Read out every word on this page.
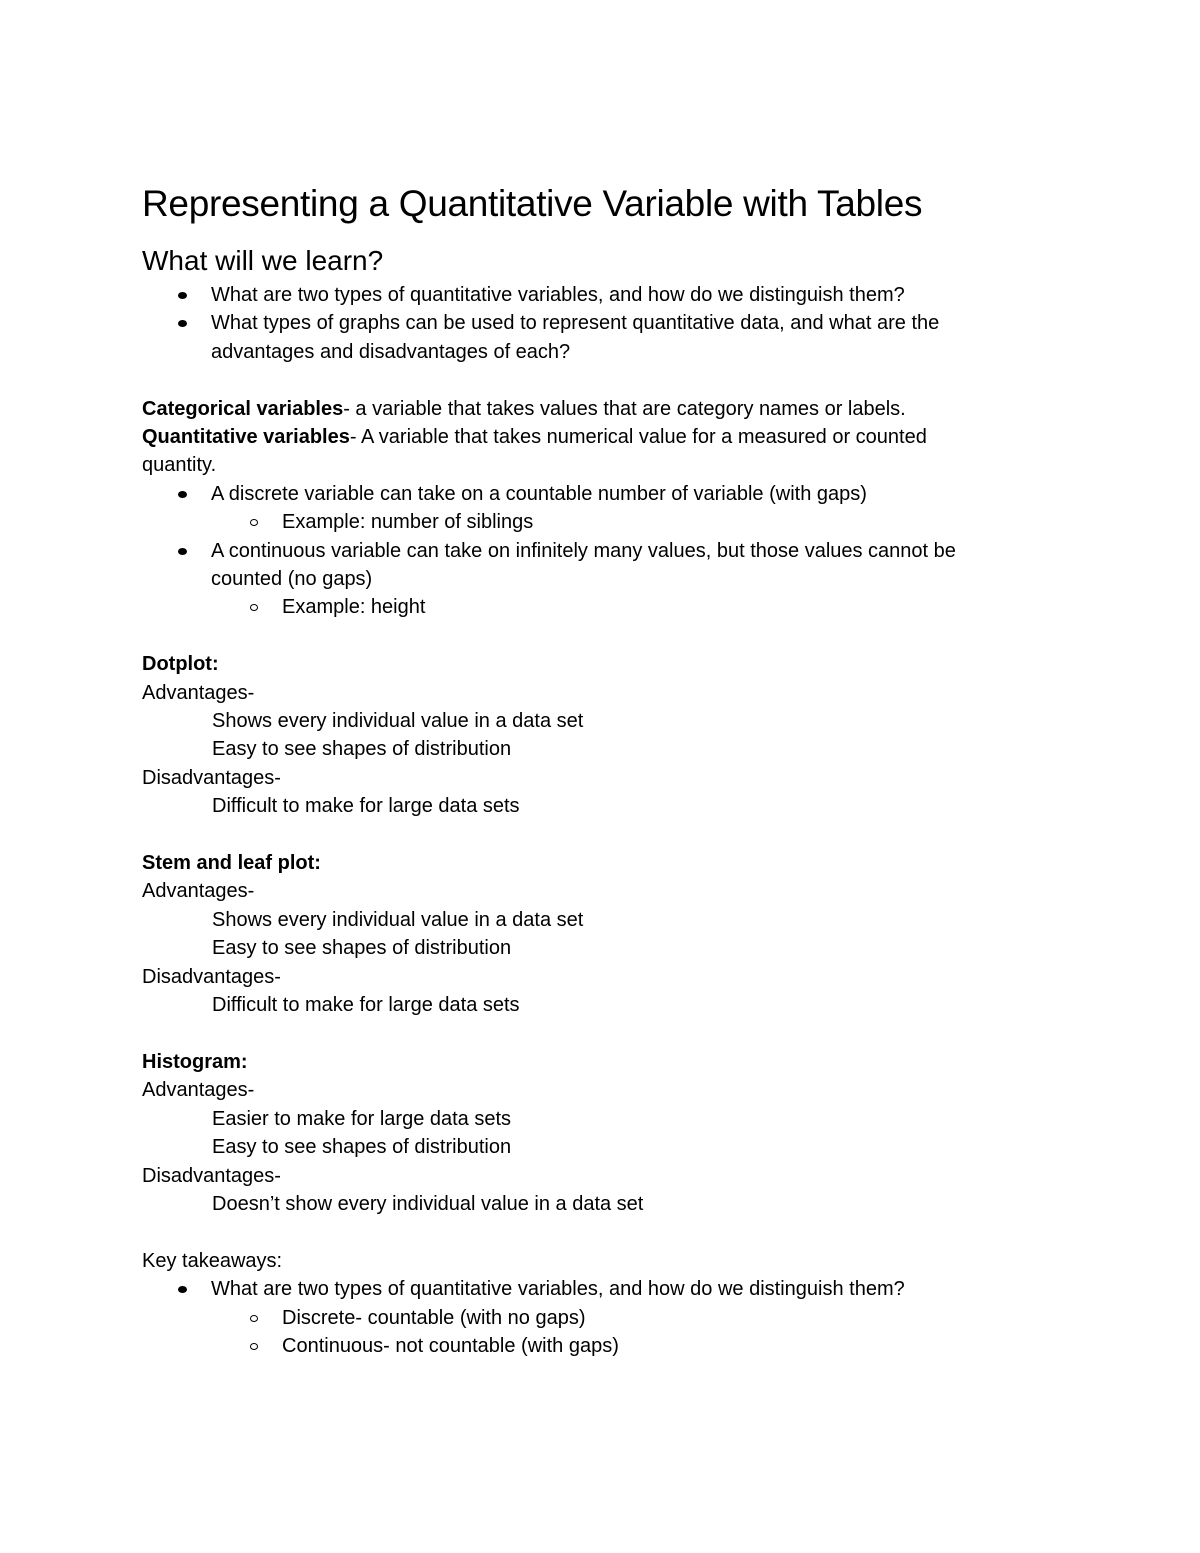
Representing a Quantitative Variable with Tables
What will we learn?
What are two types of quantitative variables, and how do we distinguish them?
What types of graphs can be used to represent quantitative data, and what are the
advantages and disadvantages of each?
Categorical variables- a variable that takes values that are category names or labels.
Quantitative variables- A variable that takes numerical value for a measured or counted
quantity.
A discrete variable can take on a countable number of variable (with gaps)
Example: number of siblings
A continuous variable can take on infinitely many values, but those values cannot be
counted (no gaps)
Example: height
Dotplot:
Advantages-
Shows every individual value in a data set
Easy to see shapes of distribution
Disadvantages-
Difficult to make for large data sets
Stem and leaf plot:
Advantages-
Shows every individual value in a data set
Easy to see shapes of distribution
Disadvantages-
Difficult to make for large data sets
Histogram:
Advantages-
Easier to make for large data sets
Easy to see shapes of distribution
Disadvantages-
Doesn’t show every individual value in a data set
Key takeaways:
What are two types of quantitative variables, and how do we distinguish them?
Discrete- countable (with no gaps)
Continuous- not countable (with gaps)
